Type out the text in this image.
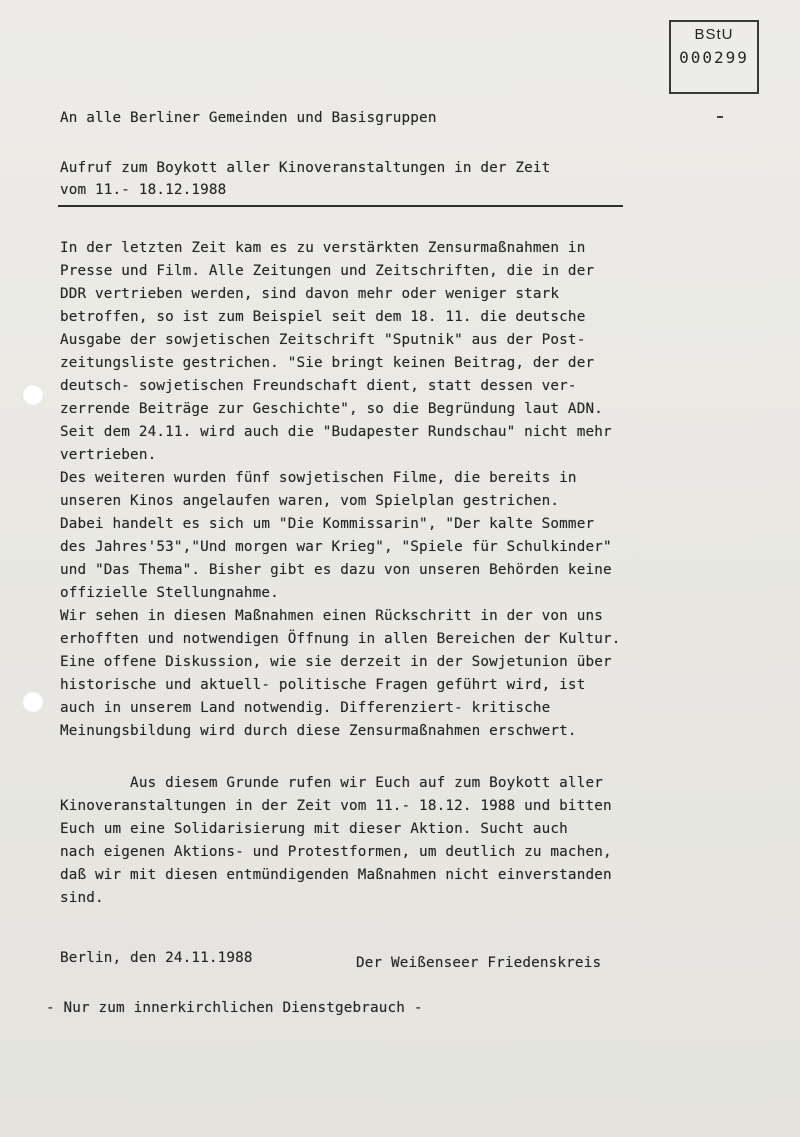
BStU
000299
An alle Berliner Gemeinden und Basisgruppen
Aufruf zum Boykott aller Kinoveranstaltungen in der Zeit
vom 11.- 18.12.1988
In der letzten Zeit kam es zu verstärkten Zensurmaßnahmen in
Presse und Film. Alle Zeitungen und Zeitschriften, die in der
DDR vertrieben werden, sind davon mehr oder weniger stark
betroffen, so ist zum Beispiel seit dem 18. 11. die deutsche
Ausgabe der sowjetischen Zeitschrift "Sputnik" aus der Post-
zeitungsliste gestrichen. "Sie bringt keinen Beitrag, der der
deutsch- sowjetischen Freundschaft dient, statt dessen ver-
zerrende Beiträge zur Geschichte", so die Begründung laut ADN.
Seit dem 24.11. wird auch die "Budapester Rundschau" nicht mehr
vertrieben.
Des weiteren wurden fünf sowjetischen Filme, die bereits in
unseren Kinos angelaufen waren, vom Spielplan gestrichen.
Dabei handelt es sich um "Die Kommissarin", "Der kalte Sommer
des Jahres'53","Und morgen war Krieg", "Spiele für Schulkinder"
und "Das Thema". Bisher gibt es dazu von unseren Behörden keine
offizielle Stellungnahme.
Wir sehen in diesen Maßnahmen einen Rückschritt in der von uns
erhofften und notwendigen Öffnung in allen Bereichen der Kultur.
Eine offene Diskussion, wie sie derzeit in der Sowjetunion über
historische und aktuell- politische Fragen geführt wird, ist
auch in unserem Land notwendig. Differenziert- kritische
Meinungsbildung wird durch diese Zensurmaßnahmen erschwert.
Aus diesem Grunde rufen wir Euch auf zum Boykott aller
Kinoveranstaltungen in der Zeit vom 11.- 18.12. 1988 und bitten
Euch um eine Solidarisierung mit dieser Aktion. Sucht auch
nach eigenen Aktions- und Protestformen, um deutlich zu machen,
daß wir mit diesen entmündigenden Maßnahmen nicht einverstanden
sind.
Berlin, den 24.11.1988	Der Weißenseer Friedenskreis
- Nur zum innerkirchlichen Dienstgebrauch -
